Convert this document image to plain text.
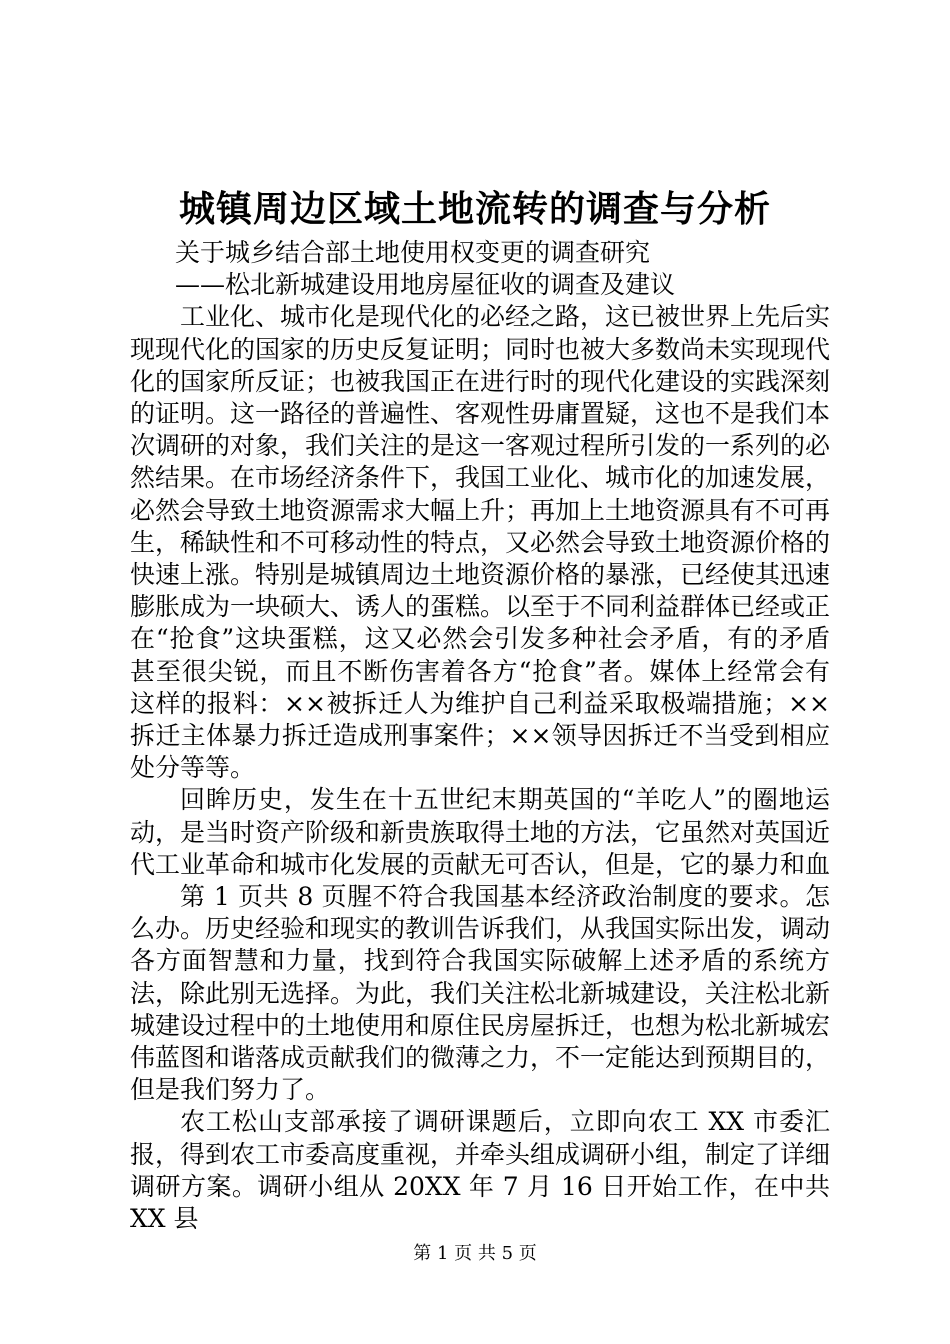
城镇周边区域土地流转的调查与分析

关于城乡结合部土地使用权变更的调查研究

——松北新城建设用地房屋征收的调查及建议

工业化、城市化是现代化的必经之路，这已被世界上先后实现现代化的国家的历史反复证明；同时也被大多数尚未实现现代化的国家所反证；也被我国正在进行时的现代化建设的实践深刻的证明。这一路径的普遍性、客观性毋庸置疑，这也不是我们本次调研的对象，我们关注的是这一客观过程所引发的一系列的必然结果。在市场经济条件下，我国工业化、城市化的加速发展，必然会导致土地资源需求大幅上升；再加上土地资源具有不可再生，稀缺性和不可移动性的特点，又必然会导致土地资源价格的快速上涨。特别是城镇周边土地资源价格的暴涨，已经使其迅速膨胀成为一块硕大、诱人的蛋糕。以至于不同利益群体已经或正在“抢食”这块蛋糕，这又必然会引发多种社会矛盾，有的矛盾甚至很尖锐，而且不断伤害着各方“抢食”者。媒体上经常会有这样的报料：××被拆迁人为维护自己利益采取极端措施；××拆迁主体暴力拆迁造成刑事案件；××领导因拆迁不当受到相应处分等等。

回眸历史，发生在十五世纪末期英国的“羊吃人”的圈地运动，是当时资产阶级和新贵族取得土地的方法，它虽然对英国近代工业革命和城市化发展的贡献无可否认，但是，它的暴力和血

第 1 页共 8 页腥不符合我国基本经济政治制度的要求。怎么办。历史经验和现实的教训告诉我们，从我国实际出发，调动各方面智慧和力量，找到符合我国实际破解上述矛盾的系统方法，除此别无选择。为此，我们关注松北新城建设，关注松北新城建设过程中的土地使用和原住民房屋拆迁，也想为松北新城宏伟蓝图和谐落成贡献我们的微薄之力，不一定能达到预期目的，但是我们努力了。

农工松山支部承接了调研课题后，立即向农工 XX 市委汇报，得到农工市委高度重视，并牵头组成调研小组，制定了详细调研方案。调研小组从 20XX 年 7 月 16 日开始工作，在中共 XX 县

第 1 页 共 5 页
